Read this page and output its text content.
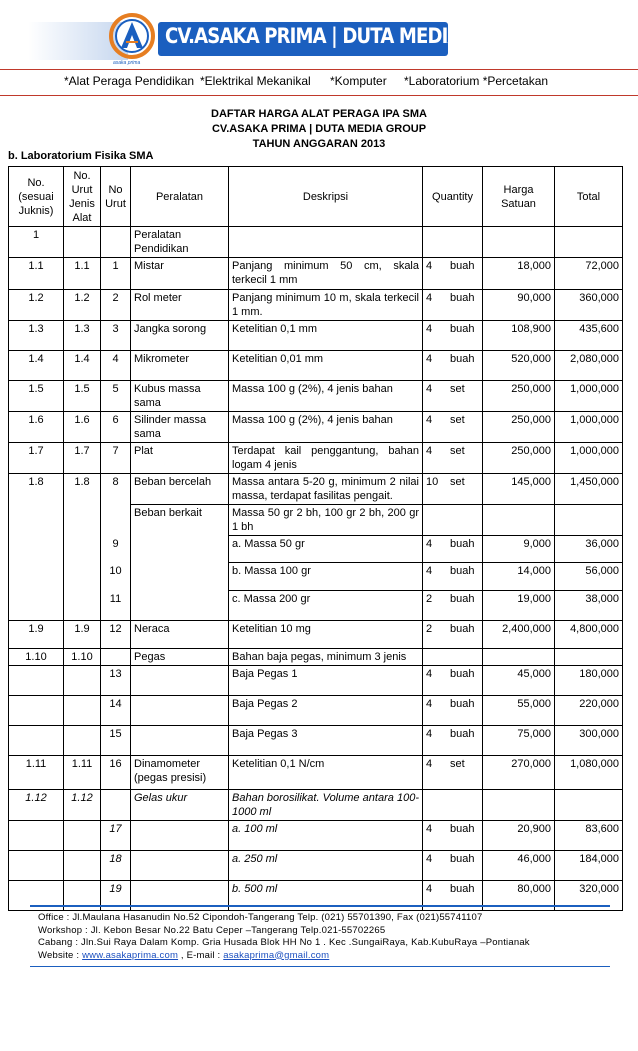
asaka prima
CV.ASAKA PRIMA | DUTA MEDIA GROUP
*Alat Peraga Pendidikan *Elektrikal Mekanikal *Komputer *Laboratorium *Percetakan
DAFTAR HARGA ALAT PERAGA IPA SMA
CV.ASAKA PRIMA | DUTA MEDIA GROUP
TAHUN ANGGARAN 2013
b. Laboratorium Fisika SMA
No. (sesuai Juknis)	No. Urut Jenis Alat	No Urut	Peralatan	Deskripsi	Quantity	Harga Satuan	Total
1			Peralatan Pendidikan				
1.1	1.1	1	Mistar	Panjang minimum 50 cm, skala terkecil 1 mm	4 buah	18,000	72,000
1.2	1.2	2	Rol meter	Panjang minimum 10 m, skala terkecil 1 mm.	4 buah	90,000	360,000
1.3	1.3	3	Jangka sorong	Ketelitian 0,1 mm	4 buah	108,900	435,600
1.4	1.4	4	Mikrometer	Ketelitian 0,01 mm	4 buah	520,000	2,080,000
1.5	1.5	5	Kubus massa sama	Massa 100 g (2%), 4 jenis bahan	4 set	250,000	1,000,000
1.6	1.6	6	Silinder massa sama	Massa 100 g (2%), 4 jenis bahan	4 set	250,000	1,000,000
1.7	1.7	7	Plat	Terdapat kail penggantung, bahan logam 4 jenis	4 set	250,000	1,000,000
1.8	1.8	8	Beban bercelah	Massa antara 5-20 g, minimum 2 nilai massa, terdapat fasilitas pengait.	10 set	145,000	1,450,000
			Beban berkait	Massa 50 gr 2 bh, 100 gr 2 bh, 200 gr 1 bh			
		9		a. Massa 50 gr	4 buah	9,000	36,000
		10		b. Massa 100 gr	4 buah	14,000	56,000
		11		c. Massa 200 gr	2 buah	19,000	38,000
1.9	1.9	12	Neraca	Ketelitian 10 mg	2 buah	2,400,000	4,800,000
1.10	1.10		Pegas	Bahan baja pegas, minimum 3 jenis			
		13		Baja Pegas 1	4 buah	45,000	180,000
		14		Baja Pegas 2	4 buah	55,000	220,000
		15		Baja Pegas 3	4 buah	75,000	300,000
1.11	1.11	16	Dinamometer (pegas presisi)	Ketelitian 0,1 N/cm	4 set	270,000	1,080,000
1.12	1.12		Gelas ukur	Bahan borosilikat. Volume antara 100-1000 ml			
		17		a. 100 ml	4 buah	20,900	83,600
		18		a. 250 ml	4 buah	46,000	184,000
		19		b. 500 ml	4 buah	80,000	320,000
Office : Jl.Maulana Hasanudin No.52 Cipondoh-Tangerang Telp. (021) 55701390, Fax (021)55741107
Workshop : Jl. Kebon Besar No.22 Batu Ceper –Tangerang Telp.021-55702265
Cabang : Jln.Sui Raya Dalam Komp. Gria Husada Blok HH No 1 . Kec .SungaiRaya, Kab.KubuRaya –Pontianak
Website : www.asakaprima.com , E-mail : asakaprima@gmail.com
